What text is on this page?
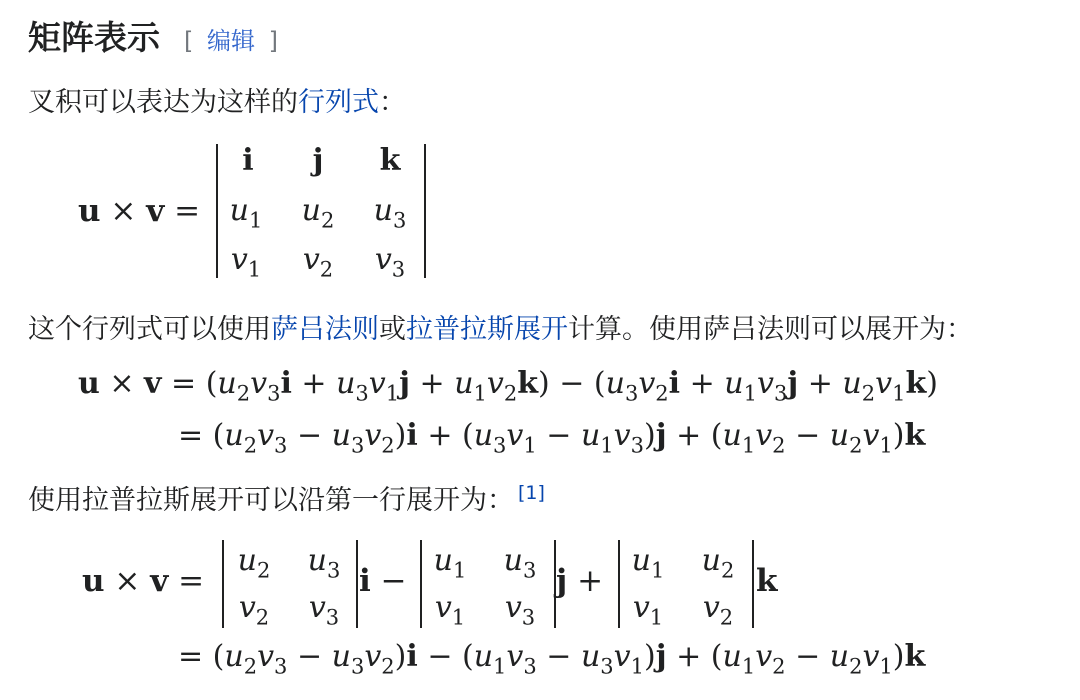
矩阵表示 [ 编辑 ]
叉积可以表达为这样的行列式：
u × v =
i	j	k
$u_1$	$u_2$	$u_3$
$v_1$	$v_2$	$v_3$
这个行列式可以使用萨吕法则或拉普拉斯展开计算。使用萨吕法则可以展开为：
$u \times v = (u_2v_3i + u_3v_1j + u_1v_2k) - (u_3v_2i + u_1v_3j + u_2v_1k)$
= $(u_2v_3 - u_3v_2)i + (u_3v_1 - u_1v_3)j + (u_1v_2 - u_2v_1)k$
使用拉普拉斯展开可以沿第一行展开为： [1]
u × v =
$u_2$	$u_3$
$v_2$	$v_3$
i −
$u_1$	$u_3$
$v_1$	$v_3$
j +
$u_1$	$u_2$
$v_1$	$v_2$
k
= $(u_2v_3 - u_3v_2)i - (u_1v_3 - u_3v_1)j + (u_1v_2 - u_2v_1)k$
